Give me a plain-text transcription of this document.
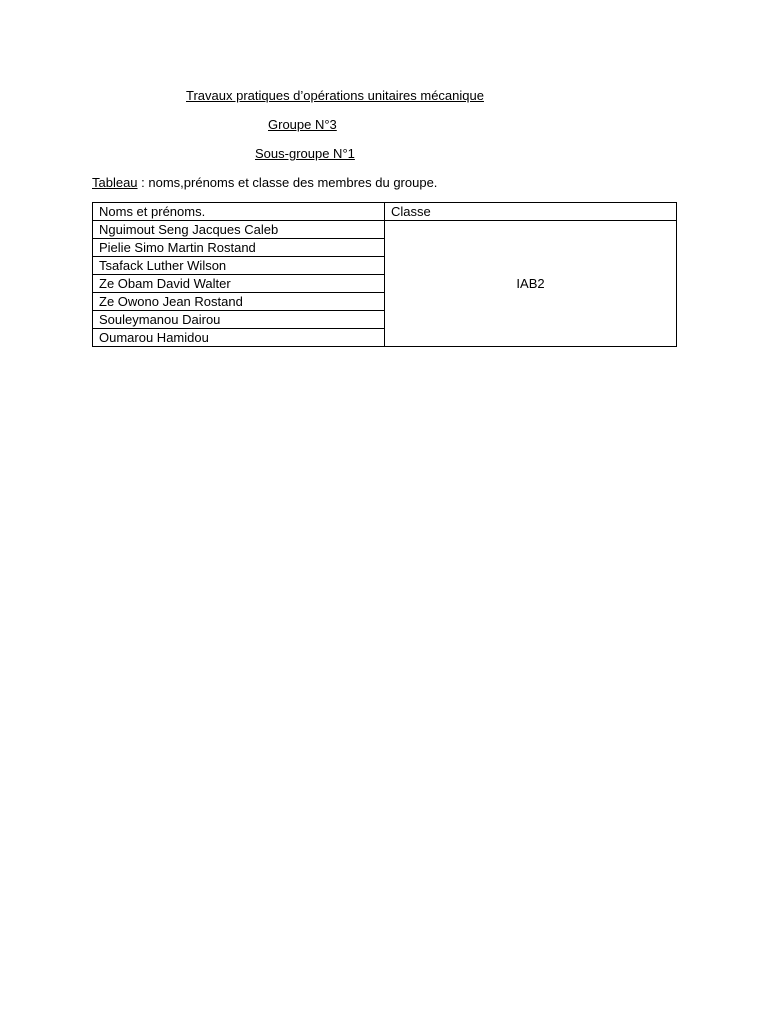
Travaux pratiques d’opérations unitaires mécanique
Groupe N°3
Sous-groupe N°1
Tableau : noms,prénoms et classe des membres du groupe.
Noms et prénoms.	Classe
Nguimout Seng Jacques Caleb	IAB2
Pielie Simo Martin Rostand	
Tsafack Luther Wilson	
Ze Obam David Walter	
Ze Owono Jean Rostand	
Souleymanou Dairou	
Oumarou Hamidou	
